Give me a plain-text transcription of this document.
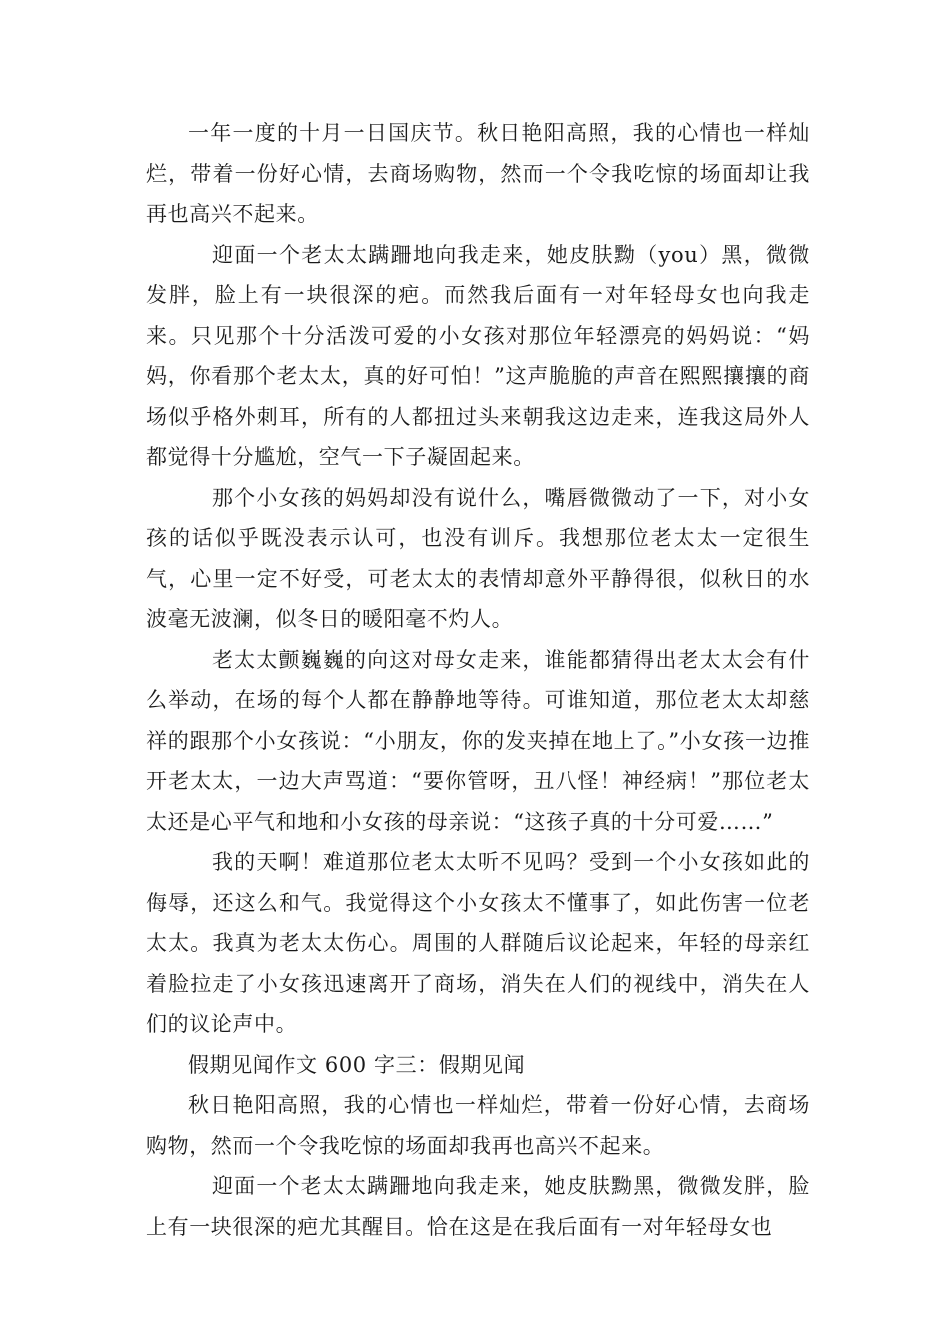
一年一度的十月一日国庆节。秋日艳阳高照，我的心情也一样灿烂，带着一份好心情，去商场购物，然而一个令我吃惊的场面却让我再也高兴不起来。

迎面一个老太太蹒跚地向我走来，她皮肤黝（you）黑，微微发胖，脸上有一块很深的疤。而然我后面有一对年轻母女也向我走来。只见那个十分活泼可爱的小女孩对那位年轻漂亮的妈妈说：“妈妈，你看那个老太太，真的好可怕！”这声脆脆的声音在熙熙攘攘的商场似乎格外刺耳，所有的人都扭过头来朝我这边走来，连我这局外人都觉得十分尴尬，空气一下子凝固起来。

那个小女孩的妈妈却没有说什么，嘴唇微微动了一下，对小女孩的话似乎既没表示认可，也没有训斥。我想那位老太太一定很生气，心里一定不好受，可老太太的表情却意外平静得很，似秋日的水波毫无波澜，似冬日的暖阳毫不灼人。

老太太颤巍巍的向这对母女走来，谁能都猜得出老太太会有什么举动，在场的每个人都在静静地等待。可谁知道，那位老太太却慈祥的跟那个小女孩说：“小朋友，你的发夹掉在地上了。”小女孩一边推开老太太，一边大声骂道：“要你管呀，丑八怪！神经病！”那位老太太还是心平气和地和小女孩的母亲说：“这孩子真的十分可爱……”

我的天啊！难道那位老太太听不见吗？受到一个小女孩如此的侮辱，还这么和气。我觉得这个小女孩太不懂事了，如此伤害一位老太太。我真为老太太伤心。周围的人群随后议论起来，年轻的母亲红着脸拉走了小女孩迅速离开了商场，消失在人们的视线中，消失在人们的议论声中。

假期见闻作文 600 字三：假期见闻

秋日艳阳高照，我的心情也一样灿烂，带着一份好心情，去商场购物，然而一个令我吃惊的场面却我再也高兴不起来。

迎面一个老太太蹒跚地向我走来，她皮肤黝黑，微微发胖，脸上有一块很深的疤尤其醒目。恰在这是在我后面有一对年轻母女也
